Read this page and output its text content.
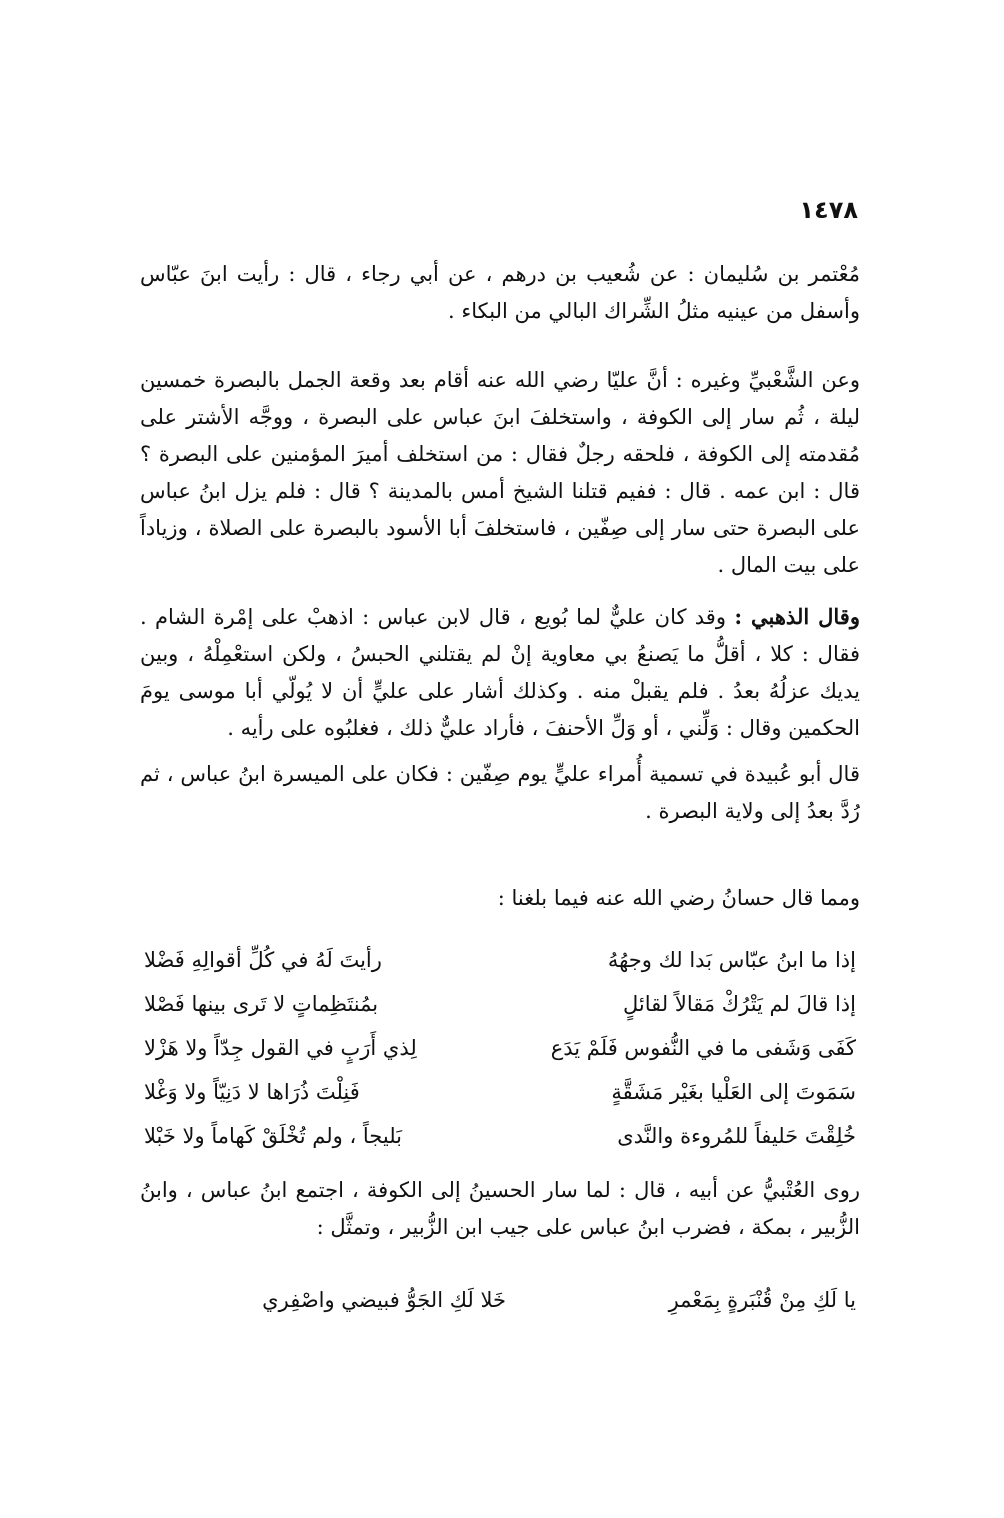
١٤٧٨

مُعْتمر بن سُليمان : عن شُعيب بن درهم ، عن أبي رجاء ، قال : رأيت ابنَ عبّاس وأسفل من عينيه مثلُ الشِّراك البالي من البكاء .

وعن الشَّعْبيِّ وغيره : أنَّ عليّا رضي الله عنه أقام بعد وقعة الجمل بالبصرة خمسين ليلة ، ثُم سار إلى الكوفة ، واستخلفَ ابنَ عباس على البصرة ، ووجَّه الأشتر على مُقدمته إلى الكوفة ، فلحقه رجلٌ فقال : من استخلف أميرَ المؤمنين على البصرة ؟ قال : ابن عمه . قال : ففيم قتلنا الشيخ أمس بالمدينة ؟ قال : فلم يزل ابنُ عباس على البصرة حتى سار إلى صِفّين ، فاستخلفَ أبا الأسود بالبصرة على الصلاة ، وزياداً على بيت المال .

وقال الذهبي : وقد كان عليٌّ لما بُويع ، قال لابن عباس : اذهبْ على إمْرة الشام . فقال : كلا ، أقلُّ ما يَصنعُ بي معاوية إنْ لم يقتلني الحبسُ ، ولكن استعْمِلْهُ ، وبين يديك عزلُهُ بعدُ . فلم يقبلْ منه . وكذلك أشار على عليٍّ أن لا يُولّي أبا موسى يومَ الحكمين وقال : وَلِّني ، أو وَلِّ الأحنفَ ، فأراد عليٌّ ذلك ، فغلبُوه على رأيه .

قال أبو عُبيدة في تسمية أُمراء عليٍّ يوم صِفّين : فكان على الميسرة ابنُ عباس ، ثم رُدَّ بعدُ إلى ولاية البصرة .

ومما قال حسانُ رضي الله عنه فيما بلغنا :
إذا ما ابنُ عبّاس بَدا لك وجهُهُ
رأيتَ لَهُ في كُلِّ أقوالِهِ فَضْلا
إذا قالَ لم يَتْرُكْ مَقالاً لقائلٍ
بمُنتَظِماتٍ لا تَرى بينها فَصْلا
كَفَى وَشَفى ما في النُّفوس فَلَمْ يَدَع
لِذي أَرَبٍ في القول جِدّاً ولا هَزْلا
سَمَوتَ إلى العَلْيا بغَيْر مَشَقَّةٍ
فَنِلْتَ ذُرَاها لا دَنِيّاً ولا وَغْلا
خُلِقْتَ حَليفاً للمُروءة والنَّدى
بَليجاً ، ولم تُخْلَقْ كَهاماً ولا خَبْلا

روى العُتْبيُّ عن أبيه ، قال : لما سار الحسينُ إلى الكوفة ، اجتمع ابنُ عباس ، وابنُ الزُّبير ، بمكة ، فضرب ابنُ عباس على جيب ابن الزُّبير ، وتمثَّل :

يا لَكِ مِنْ قُنْبَرةٍ بِمَعْمرِ
خَلا لَكِ الجَوُّ فبيضي واصْفِري
